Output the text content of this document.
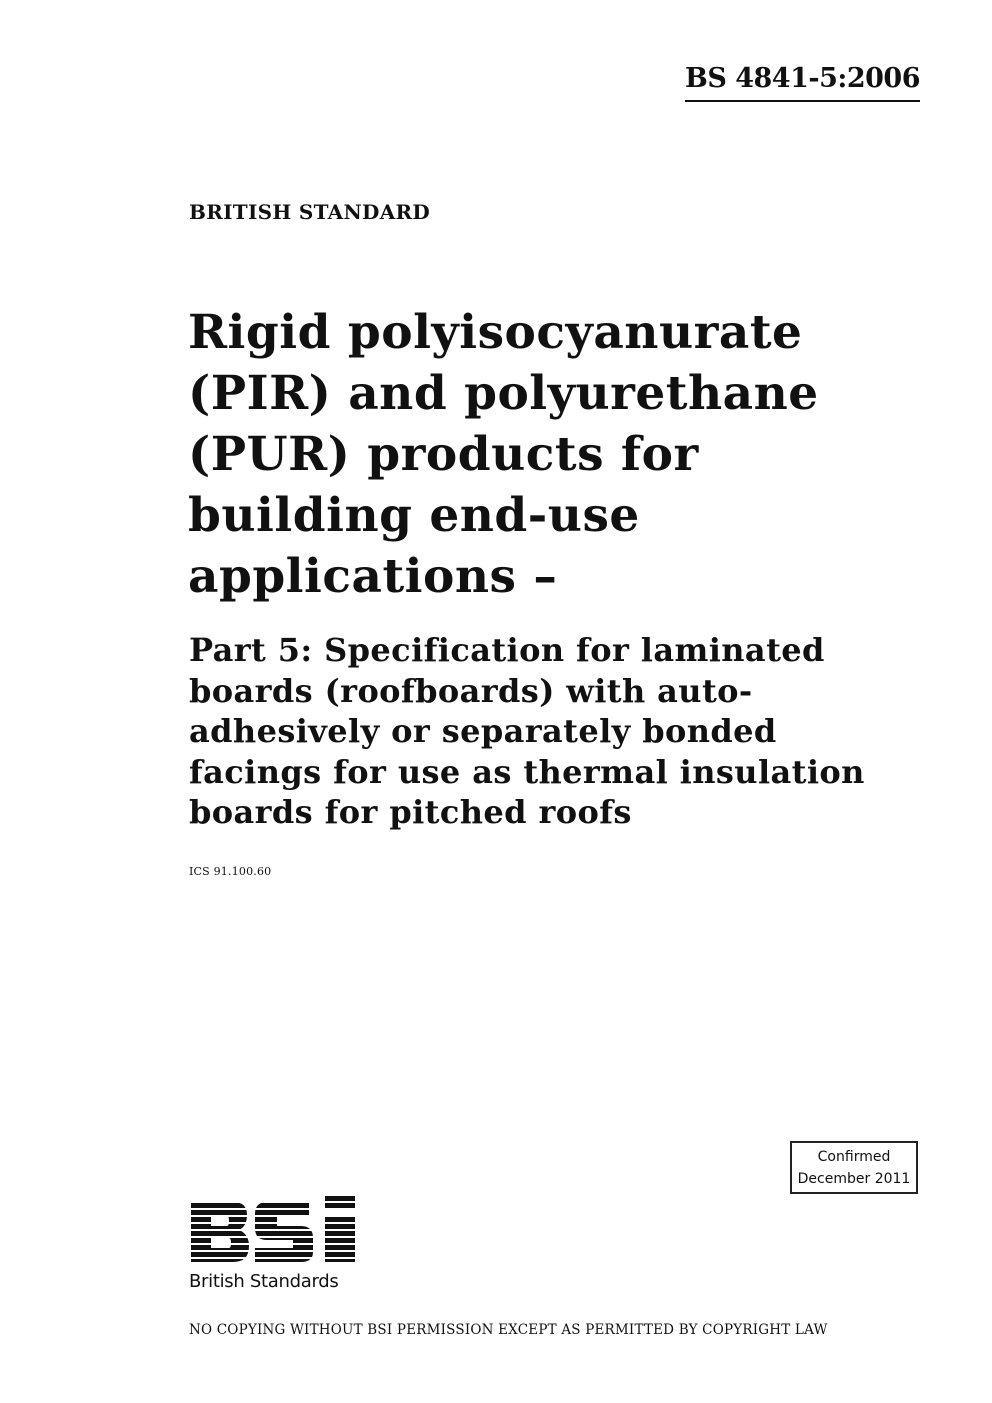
BS 4841-5:2006
BRITISH STANDARD
Rigid polyisocyanurate
(PIR) and polyurethane
(PUR) products for
building end-use
applications –
Part 5: Specification for laminated
boards (roofboards) with auto-
adhesively or separately bonded
facings for use as thermal insulation
boards for pitched roofs
ICS 91.100.60
Confirmed
December 2011
British Standards
NO COPYING WITHOUT BSI PERMISSION EXCEPT AS PERMITTED BY COPYRIGHT LAW
